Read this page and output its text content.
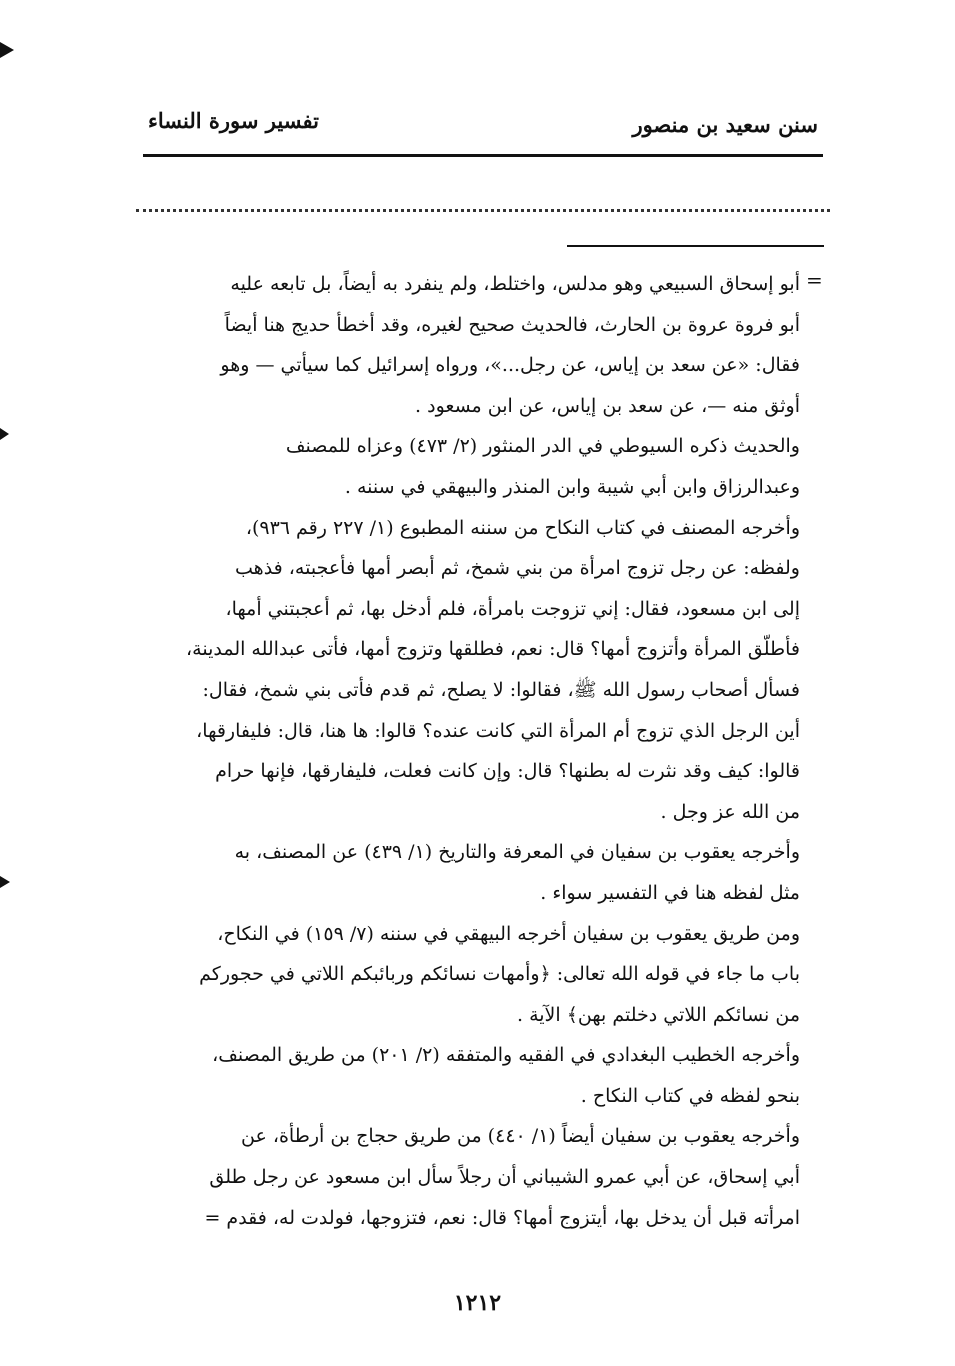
سنن سعيد بن منصور
تفسير سورة النساء
=
أبو إسحاق السبيعي وهو مدلس، واختلط، ولم ينفرد به أيضاً، بل تابعه عليه
أبو فروة عروة بن الحارث، فالحديث صحيح لغيره، وقد أخطأ حديج هنا أيضاً
فقال: «عن سعد بن إياس، عن رجل...»، ورواه إسرائيل كما سيأتي — وهو
أوثق منه —، عن سعد بن إياس، عن ابن مسعود .
والحديث ذكره السيوطي في الدر المنثور (٢/ ٤٧٣) وعزاه للمصنف
وعبدالرزاق وابن أبي شيبة وابن المنذر والبيهقي في سننه .
وأخرجه المصنف في كتاب النكاح من سننه المطبوع (١/ ٢٢٧ رقم ٩٣٦)،
ولفظه: عن رجل تزوج امرأة من بني شمخ، ثم أبصر أمها فأعجبته، فذهب
إلى ابن مسعود، فقال: إني تزوجت بامرأة، فلم أدخل بها، ثم أعجبتني أمها،
فأطلّق المرأة وأتزوج أمها؟ قال: نعم، فطلقها وتزوج أمها، فأتى عبدالله المدينة،
فسأل أصحاب رسول الله ﷺ، فقالوا: لا يصلح، ثم قدم فأتى بني شمخ، فقال:
أين الرجل الذي تزوج أم المرأة التي كانت عنده؟ قالوا: ها هنا، قال: فليفارقها،
قالوا: كيف وقد نثرت له بطنها؟ قال: وإن كانت فعلت، فليفارقها، فإنها حرام
من الله عز وجل .
وأخرجه يعقوب بن سفيان في المعرفة والتاريخ (١/ ٤٣٩) عن المصنف، به
مثل لفظه هنا في التفسير سواء .
ومن طريق يعقوب بن سفيان أخرجه البيهقي في سننه (٧/ ١٥٩) في النكاح،
باب ما جاء في قوله الله تعالى: ﴿وأمهات نسائكم وربائبكم اللاتي في حجوركم
من نسائكم اللاتي دخلتم بهن﴾ الآية .
وأخرجه الخطيب البغدادي في الفقيه والمتفقه (٢/ ٢٠١) من طريق المصنف،
بنحو لفظه في كتاب النكاح .
وأخرجه يعقوب بن سفيان أيضاً (١/ ٤٤٠) من طريق حجاج بن أرطأة، عن
أبي إسحاق، عن أبي عمرو الشيباني أن رجلاً سأل ابن مسعود عن رجل طلق
امرأته قبل أن يدخل بها، أيتزوج أمها؟ قال: نعم، فتزوجها، فولدت له، فقدم =
١٢١٢
